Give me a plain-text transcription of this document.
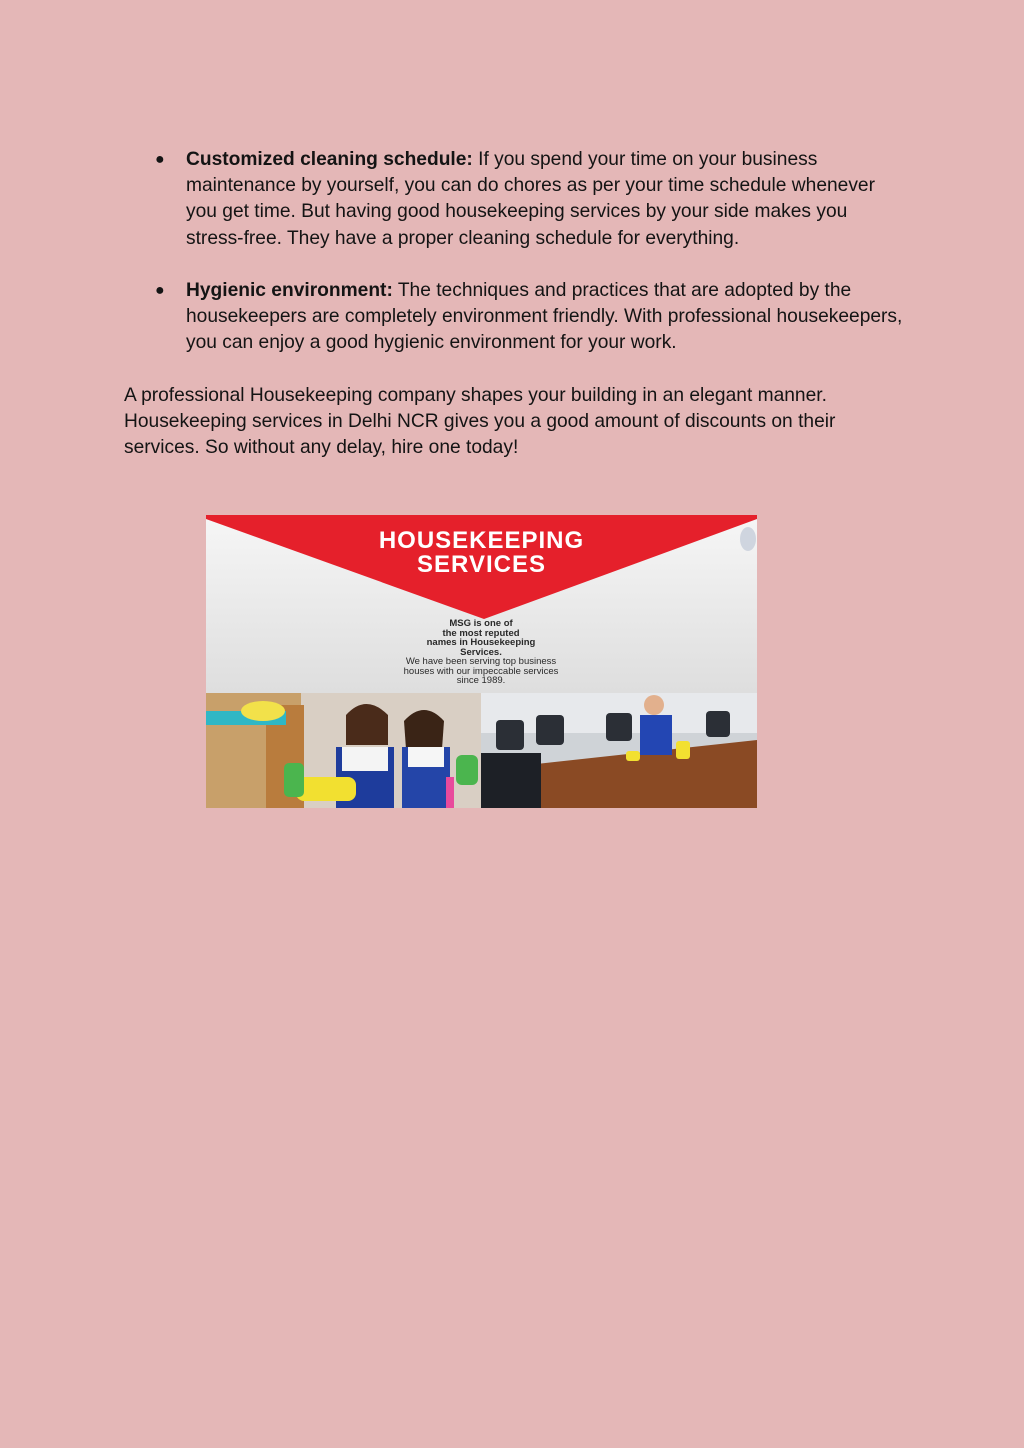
● Customized cleaning schedule: If you spend your time on your business maintenance by yourself, you can do chores as per your time schedule whenever you get time. But having good housekeeping services by your side makes you stress-free. They have a proper cleaning schedule for everything.
● Hygienic environment: The techniques and practices that are adopted by the housekeepers are completely environment friendly. With professional housekeepers, you can enjoy a good hygienic environment for your work.

A professional Housekeeping company shapes your building in an elegant manner. Housekeeping services in Delhi NCR gives you a good amount of discounts on their services. So without any delay, hire one today!

HOUSEKEEPING
SERVICES
MSG is one of
the most reputed
names in Housekeeping
Services.
We have been serving top business
houses with our impeccable services
since 1989.
